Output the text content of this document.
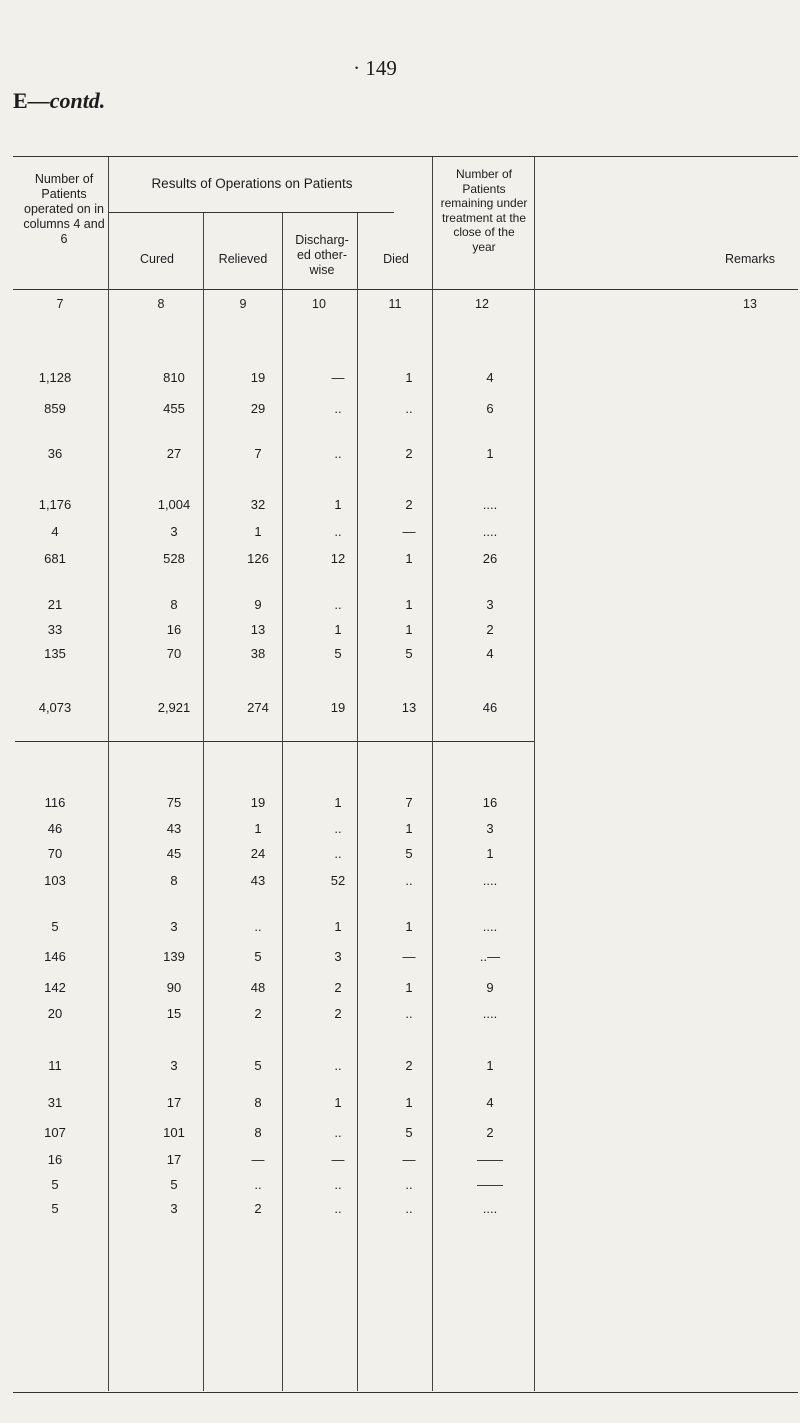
· 149
E—contd.
Number of Patients operated on in columns 4 and 6
Results of Operations on Patients
Cured	Relieved
Discharg-ed other-wise
Died
Number of Patients remaining under treatment at the close of the year
Remarks
7	8	9	10	11	12	13
1,128	810	19	—	1	4
859	455	29	..	..	6
36	27	7	..	2	1
1,176	1,004	32	1	2	....
4	3	1	..	—	....
681	528	126	12	1	26
21	8	9	..	1	3
33	16	13	1	1	2
135	70	38	5	5	4
4,073	2,921	274	19	13	46
116	75	19	1	7	16
46	43	1	..	1	3
70	45	24	..	5	1
103	8	43	52	..	....
5	3	..	1	1	....
146	139	5	3	—	..—
142	90	48	2	1	9
20	15	2	2	..	....
11	3	5	..	2	1
31	17	8	1	1	4
107	101	8	..	5	2
16	17	—	—	—	——
5	5	..	..	..	——
5	3	2	..	..	....
